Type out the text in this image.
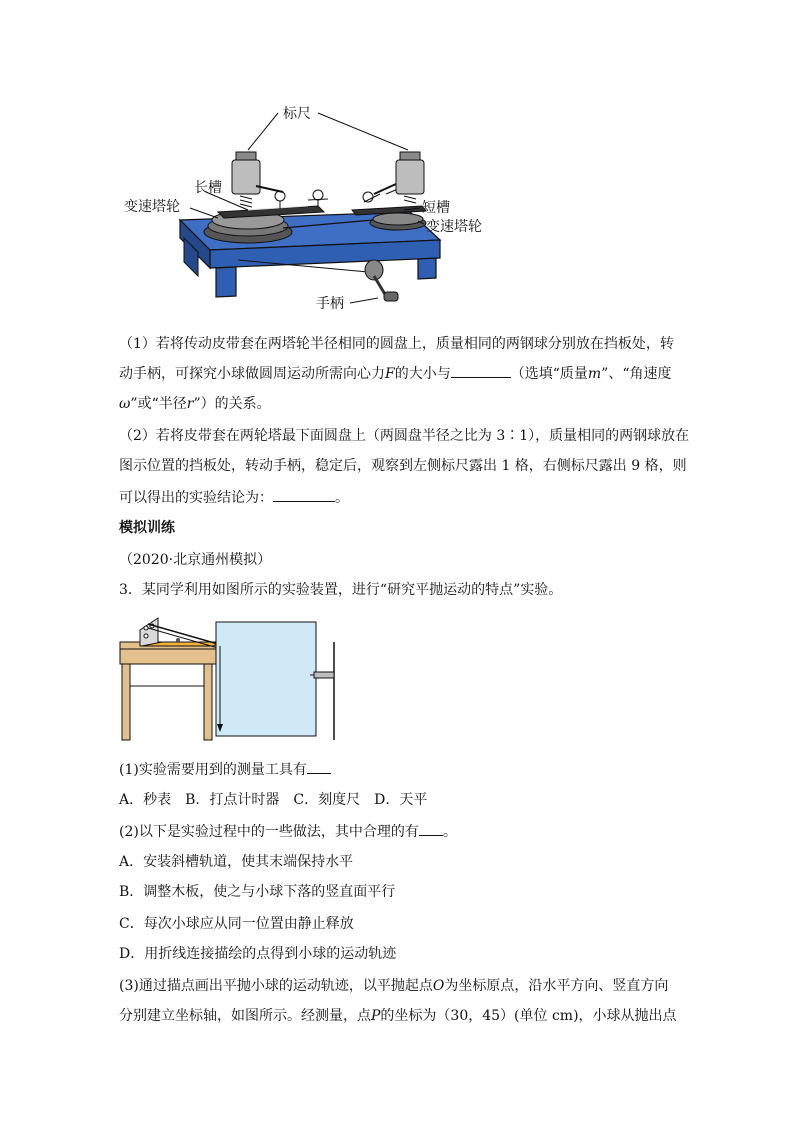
标尺
长槽
变速塔轮	短槽
变速塔轮
手柄
（1）若将传动皮带套在两塔轮半径相同的圆盘上，质量相同的两钢球分别放在挡板处，转
动手柄，可探究小球做圆周运动所需向心力F的大小与	（选填“质量m”、“角速度
ω”或“半径r”）的关系。
（2）若将皮带套在两轮塔最下面圆盘上（两圆盘半径之比为 3∶1），质量相同的两钢球放在
图示位置的挡板处，转动手柄，稳定后，观察到左侧标尺露出 1 格，右侧标尺露出 9 格，则
可以得出的实验结论为：	。
模拟训练
（2020·北京通州模拟）
3．某同学利用如图所示的实验装置，进行“研究平抛运动的特点”实验。
(1)实验需要用到的测量工具有
A．秒表　B．打点计时器　C．刻度尺　D．天平
(2)以下是实验过程中的一些做法，其中合理的有 。
A．安装斜槽轨道，使其末端保持水平
B．调整木板，使之与小球下落的竖直面平行
C．每次小球应从同一位置由静止释放
D．用折线连接描绘的点得到小球的运动轨迹
(3)通过描点画出平抛小球的运动轨迹，以平抛起点O为坐标原点，沿水平方向、竖直方向
分别建立坐标轴，如图所示。经测量，点P的坐标为（30，45）(单位 cm)，小球从抛出点
